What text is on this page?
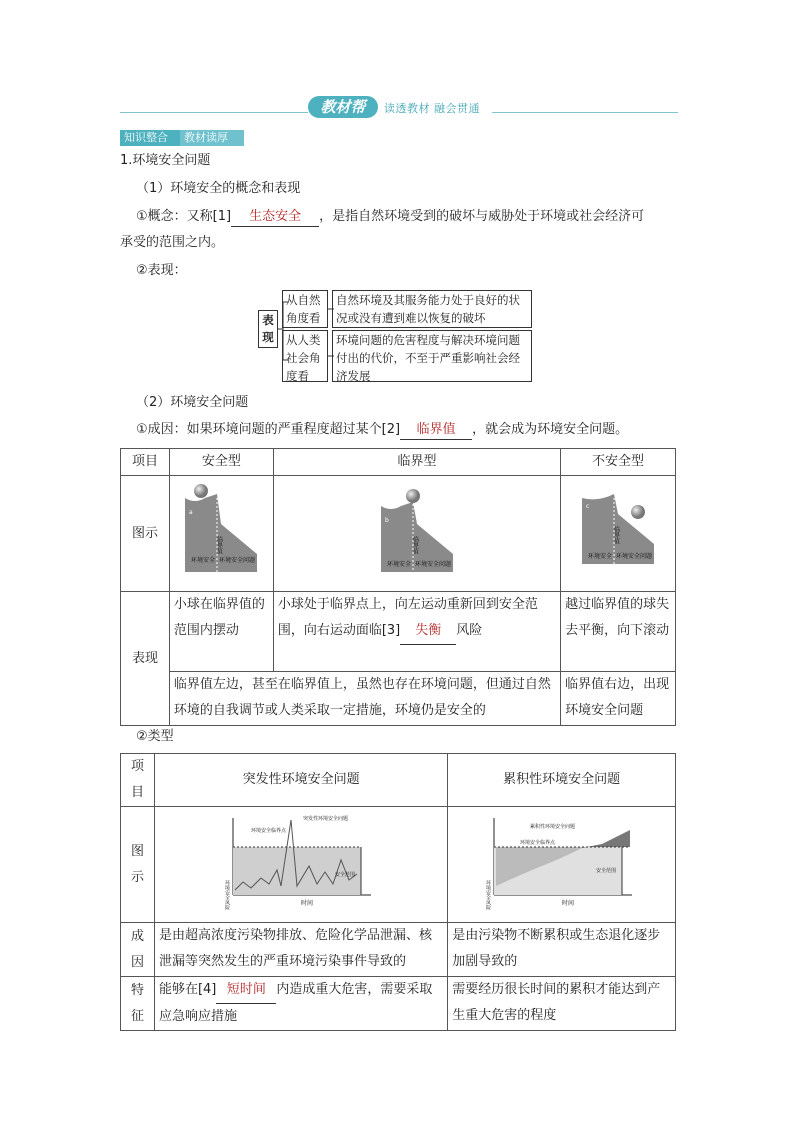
教材帮	读透教材 融会贯通
知识整合	教材读厚
1.环境安全问题
（1）环境安全的概念和表现
①概念：又称[1] 生态安全 ，是指自然环境受到的破坏与威胁处于环境或社会经济可
承受的范围之内。
②表现：
表现
从自然角度看
自然环境及其服务能力处于良好的状况或没有遭到难以恢复的破坏
从人类社会角度看
环境问题的危害程度与解决环境问题付出的代价，不至于严重影响社会经济发展
（2）环境安全问题
①成因：如果环境问题的严重程度超过某个[2] 临界值 ，就会成为环境安全问题。
项目	安全型	临界型	不安全型
图示	a
临界值
环境安全 环境安全问题	b
临界值
环境安全 环境安全问题	c
临界值
环境安全 环境安全问题

表现	小球在临界值的范围内摆动	小球处于临界点上，向左运动重新回到安全范围，向右运动面临[3] 失衡 风险	越过临界值的球失去平衡，向下滚动
	临界值左边，甚至在临界值上，虽然也存在环境问题，但通过自然环境的自我调节或人类采取一定措施，环境仍是安全的		临界值右边，出现环境安全问题
②类型
项目	突发性环境安全问题	累积性环境安全问题
图示	环境安全风险程度 时间
环境安全临界点
突发性环境安全问题
安全范围	环境安全风险程度 时间
累积性环境安全问题
环境安全临界点
安全范围

成因	是由超高浓度污染物排放、危险化学品泄漏、核泄漏等突然发生的严重环境污染事件导致的	是由污染物不断累积或生态退化逐步加剧导致的
特征	能够在[4] 短时间 内造成重大危害，需要采取应急响应措施	需要经历很长时间的累积才能达到产生重大危害的程度
